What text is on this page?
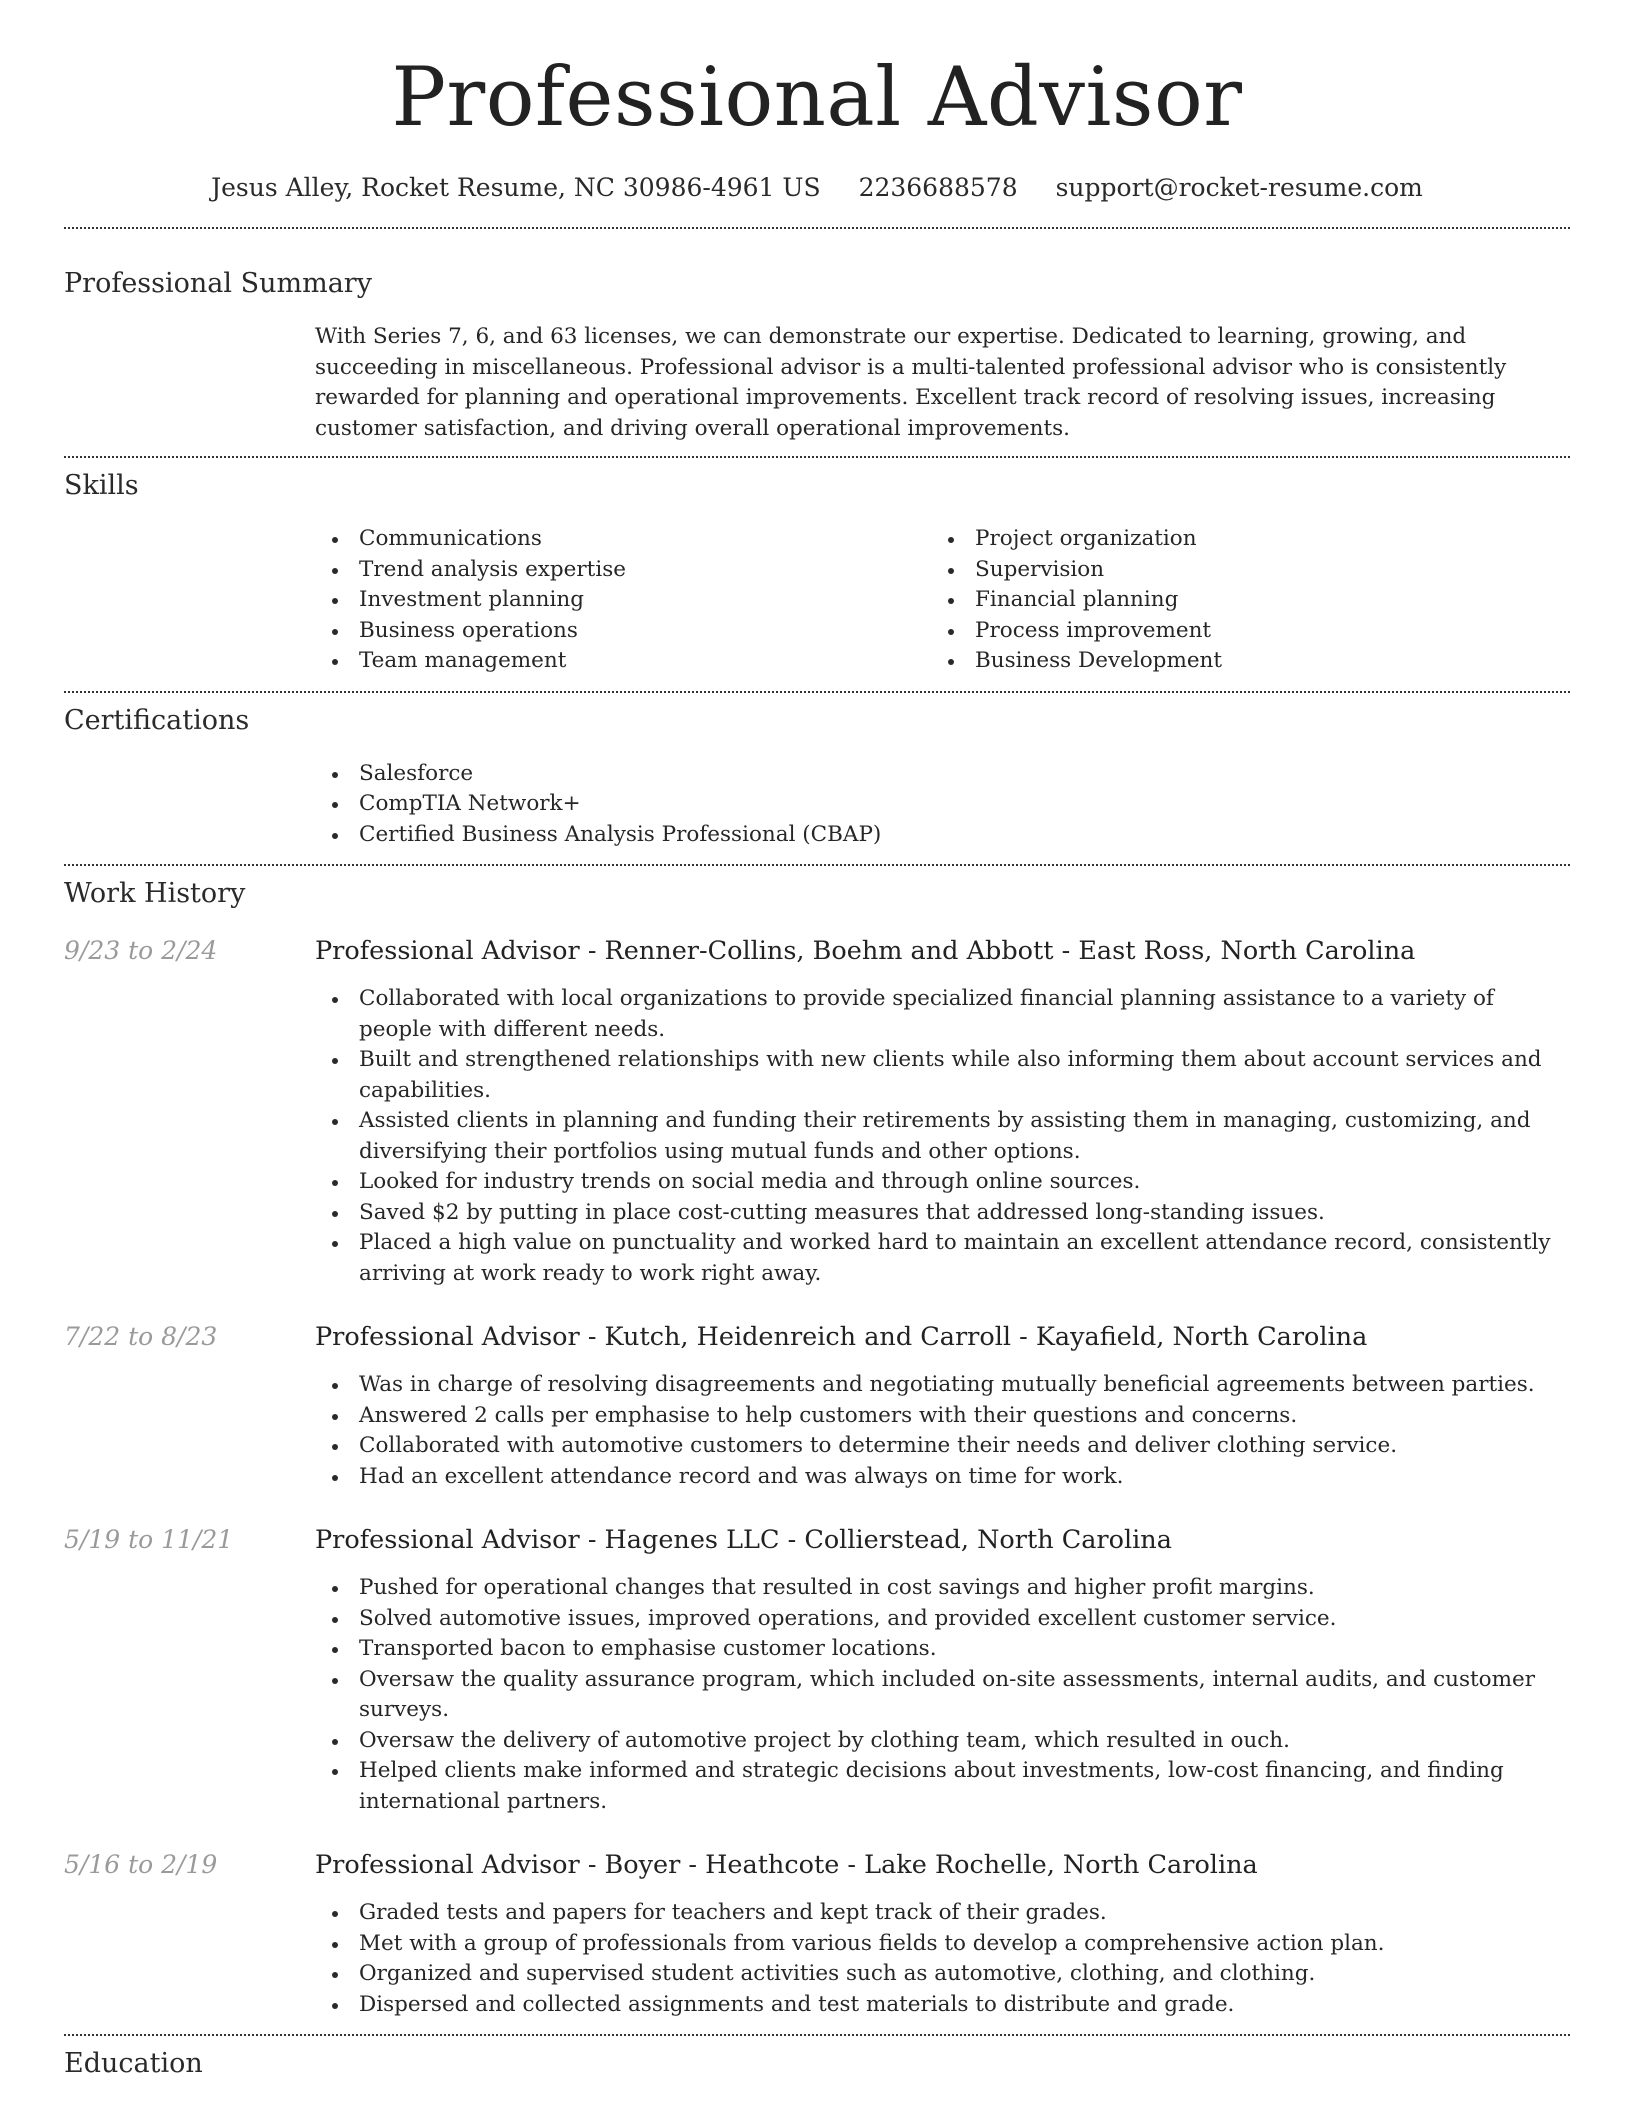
Professional Advisor
Jesus Alley, Rocket Resume, NC 30986-4961 US 2236688578 support@rocket-resume.com
Professional Summary

With Series 7, 6, and 63 licenses, we can demonstrate our expertise. Dedicated to learning, growing, and succeeding in miscellaneous. Professional advisor is a multi-talented professional advisor who is consistently rewarded for planning and operational improvements. Excellent track record of resolving issues, increasing customer satisfaction, and driving overall operational improvements.

Skills
Communications
Trend analysis expertise
Investment planning
Business operations
Team management
Project organization
Supervision
Financial planning
Process improvement
Business Development
Certifications
Salesforce
CompTIA Network+
Certified Business Analysis Professional (CBAP)
Work History
9/23 to 2/24	Professional Advisor - Renner-Collins, Boehm and Abbott - East Ross, North Carolina
Collaborated with local organizations to provide specialized financial planning assistance to a variety of people with different needs.
Built and strengthened relationships with new clients while also informing them about account services and capabilities.
Assisted clients in planning and funding their retirements by assisting them in managing, customizing, and diversifying their portfolios using mutual funds and other options.
Looked for industry trends on social media and through online sources.
Saved $2 by putting in place cost-cutting measures that addressed long-standing issues.
Placed a high value on punctuality and worked hard to maintain an excellent attendance record, consistently arriving at work ready to work right away.
7/22 to 8/23	Professional Advisor - Kutch, Heidenreich and Carroll - Kayafield, North Carolina
Was in charge of resolving disagreements and negotiating mutually beneficial agreements between parties.
Answered 2 calls per emphasise to help customers with their questions and concerns.
Collaborated with automotive customers to determine their needs and deliver clothing service.
Had an excellent attendance record and was always on time for work.
5/19 to 11/21	Professional Advisor - Hagenes LLC - Collierstead, North Carolina
Pushed for operational changes that resulted in cost savings and higher profit margins.
Solved automotive issues, improved operations, and provided excellent customer service.
Transported bacon to emphasise customer locations.
Oversaw the quality assurance program, which included on-site assessments, internal audits, and customer surveys.
Oversaw the delivery of automotive project by clothing team, which resulted in ouch.
Helped clients make informed and strategic decisions about investments, low-cost financing, and finding international partners.
5/16 to 2/19	Professional Advisor - Boyer - Heathcote - Lake Rochelle, North Carolina
Graded tests and papers for teachers and kept track of their grades.
Met with a group of professionals from various fields to develop a comprehensive action plan.
Organized and supervised student activities such as automotive, clothing, and clothing.
Dispersed and collected assignments and test materials to distribute and grade.
Education
